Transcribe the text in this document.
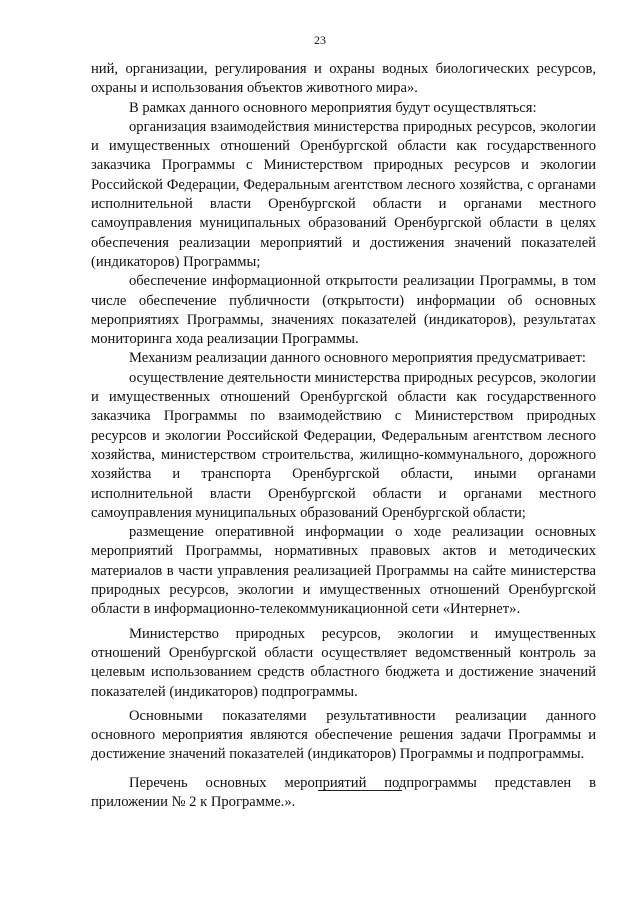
23

ний, организации, регулирования и охраны водных биологических ресурсов, охраны и использования объектов животного мира».

В рамках данного основного мероприятия будут осуществляться:

организация взаимодействия министерства природных ресурсов, экологии и имущественных отношений Оренбургской области как государственного заказчика Программы с Министерством природных ресурсов и экологии Российской Федерации, Федеральным агентством лесного хозяйства, с органами исполнительной власти Оренбургской области и органами местного самоуправления муниципальных образований Оренбургской области в целях обеспечения реализации мероприятий и достижения значений показателей (индикаторов) Программы;

обеспечение информационной открытости реализации Программы, в том числе обеспечение публичности (открытости) информации об основных мероприятиях Программы, значениях показателей (индикаторов), результатах мониторинга хода реализации Программы.

Механизм реализации данного основного мероприятия предусматривает:

осуществление деятельности министерства природных ресурсов, экологии и имущественных отношений Оренбургской области как государственного заказчика Программы по взаимодействию с Министерством природных ресурсов и экологии Российской Федерации, Федеральным агентством лесного хозяйства, министерством строительства, жилищно-коммунального, дорожного хозяйства и транспорта Оренбургской области, иными органами исполнительной власти Оренбургской области и органами местного самоуправления муниципальных образований Оренбургской области;

размещение оперативной информации о ходе реализации основных мероприятий Программы, нормативных правовых актов и методических материалов в части управления реализацией Программы на сайте министерства природных ресурсов, экологии и имущественных отношений Оренбургской области в информационно-телекоммуникационной сети «Интернет».

Министерство природных ресурсов, экологии и имущественных отношений Оренбургской области осуществляет ведомственный контроль за целевым использованием средств областного бюджета и достижение значений показателей (индикаторов) подпрограммы.

Основными показателями результативности реализации данного основного мероприятия являются обеспечение решения задачи Программы и достижение значений показателей (индикаторов) Программы и подпрограммы.

Перечень основных мероприятий подпрограммы представлен в приложении № 2 к Программе.».
